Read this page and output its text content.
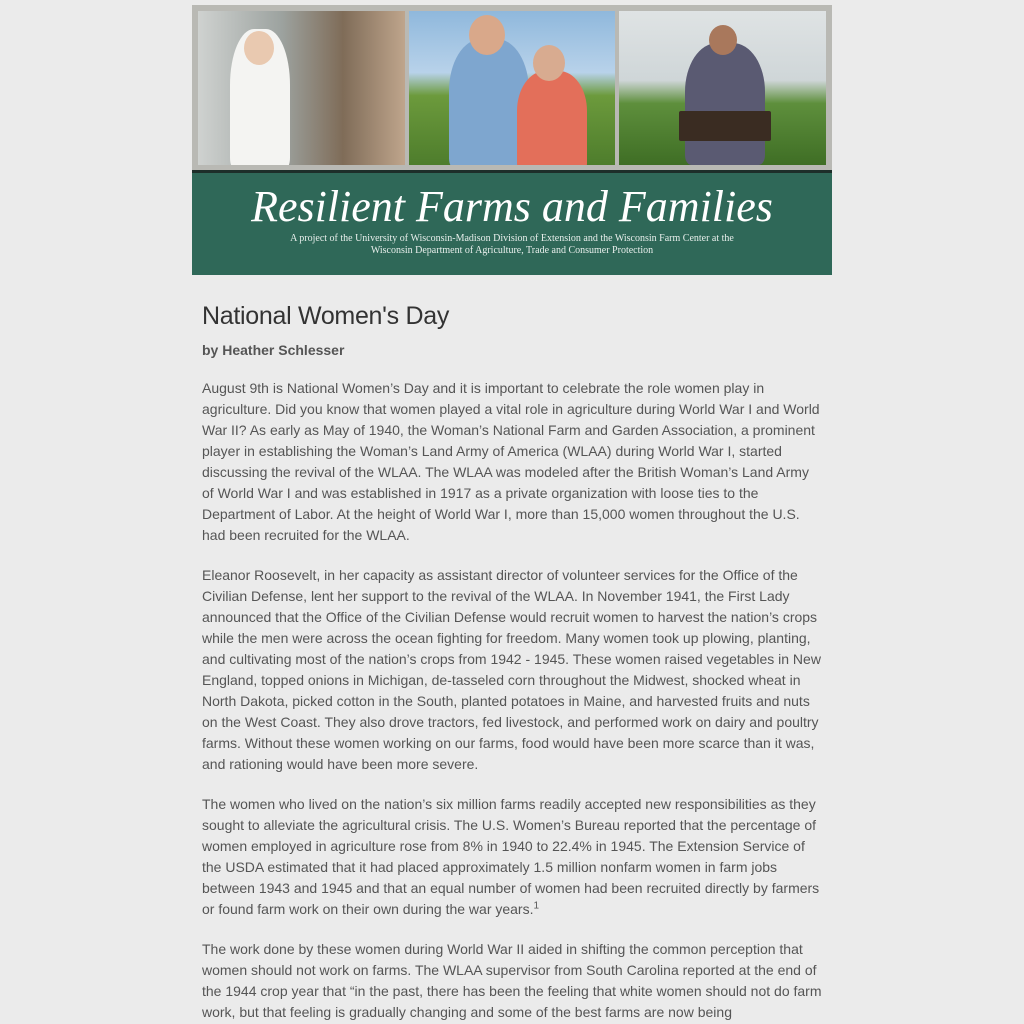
Resilient Farms and Families
A project of the University of Wisconsin-Madison Division of Extension and the Wisconsin Farm Center at the
Wisconsin Department of Agriculture, Trade and Consumer Protection
National Women's Day
by Heather Schlesser

August 9th is National Women’s Day and it is important to celebrate the role women play in agriculture. Did you know that women played a vital role in agriculture during World War I and World War II? As early as May of 1940, the Woman’s National Farm and Garden Association, a prominent player in establishing the Woman’s Land Army of America (WLAA) during World War I, started discussing the revival of the WLAA. The WLAA was modeled after the British Woman’s Land Army of World War I and was established in 1917 as a private organization with loose ties to the Department of Labor. At the height of World War I, more than 15,000 women throughout the U.S. had been recruited for the WLAA.

Eleanor Roosevelt, in her capacity as assistant director of volunteer services for the Office of the Civilian Defense, lent her support to the revival of the WLAA. In November 1941, the First Lady announced that the Office of the Civilian Defense would recruit women to harvest the nation’s crops while the men were across the ocean fighting for freedom. Many women took up plowing, planting, and cultivating most of the nation’s crops from 1942 - 1945. These women raised vegetables in New England, topped onions in Michigan, de-tasseled corn throughout the Midwest, shocked wheat in North Dakota, picked cotton in the South, planted potatoes in Maine, and harvested fruits and nuts on the West Coast. They also drove tractors, fed livestock, and performed work on dairy and poultry farms. Without these women working on our farms, food would have been more scarce than it was, and rationing would have been more severe.

The women who lived on the nation’s six million farms readily accepted new responsibilities as they sought to alleviate the agricultural crisis. The U.S. Women’s Bureau reported that the percentage of women employed in agriculture rose from 8% in 1940 to 22.4% in 1945. The Extension Service of the USDA estimated that it had placed approximately 1.5 million nonfarm women in farm jobs between 1943 and 1945 and that an equal number of women had been recruited directly by farmers or found farm work on their own during the war years.$^1$

The work done by these women during World War II aided in shifting the common perception that women should not work on farms. The WLAA supervisor from South Carolina reported at the end of the 1944 crop year that “in the past, there has been the feeling that white women should not do farm work, but that feeling is gradually changing and some of the best farms are now being
